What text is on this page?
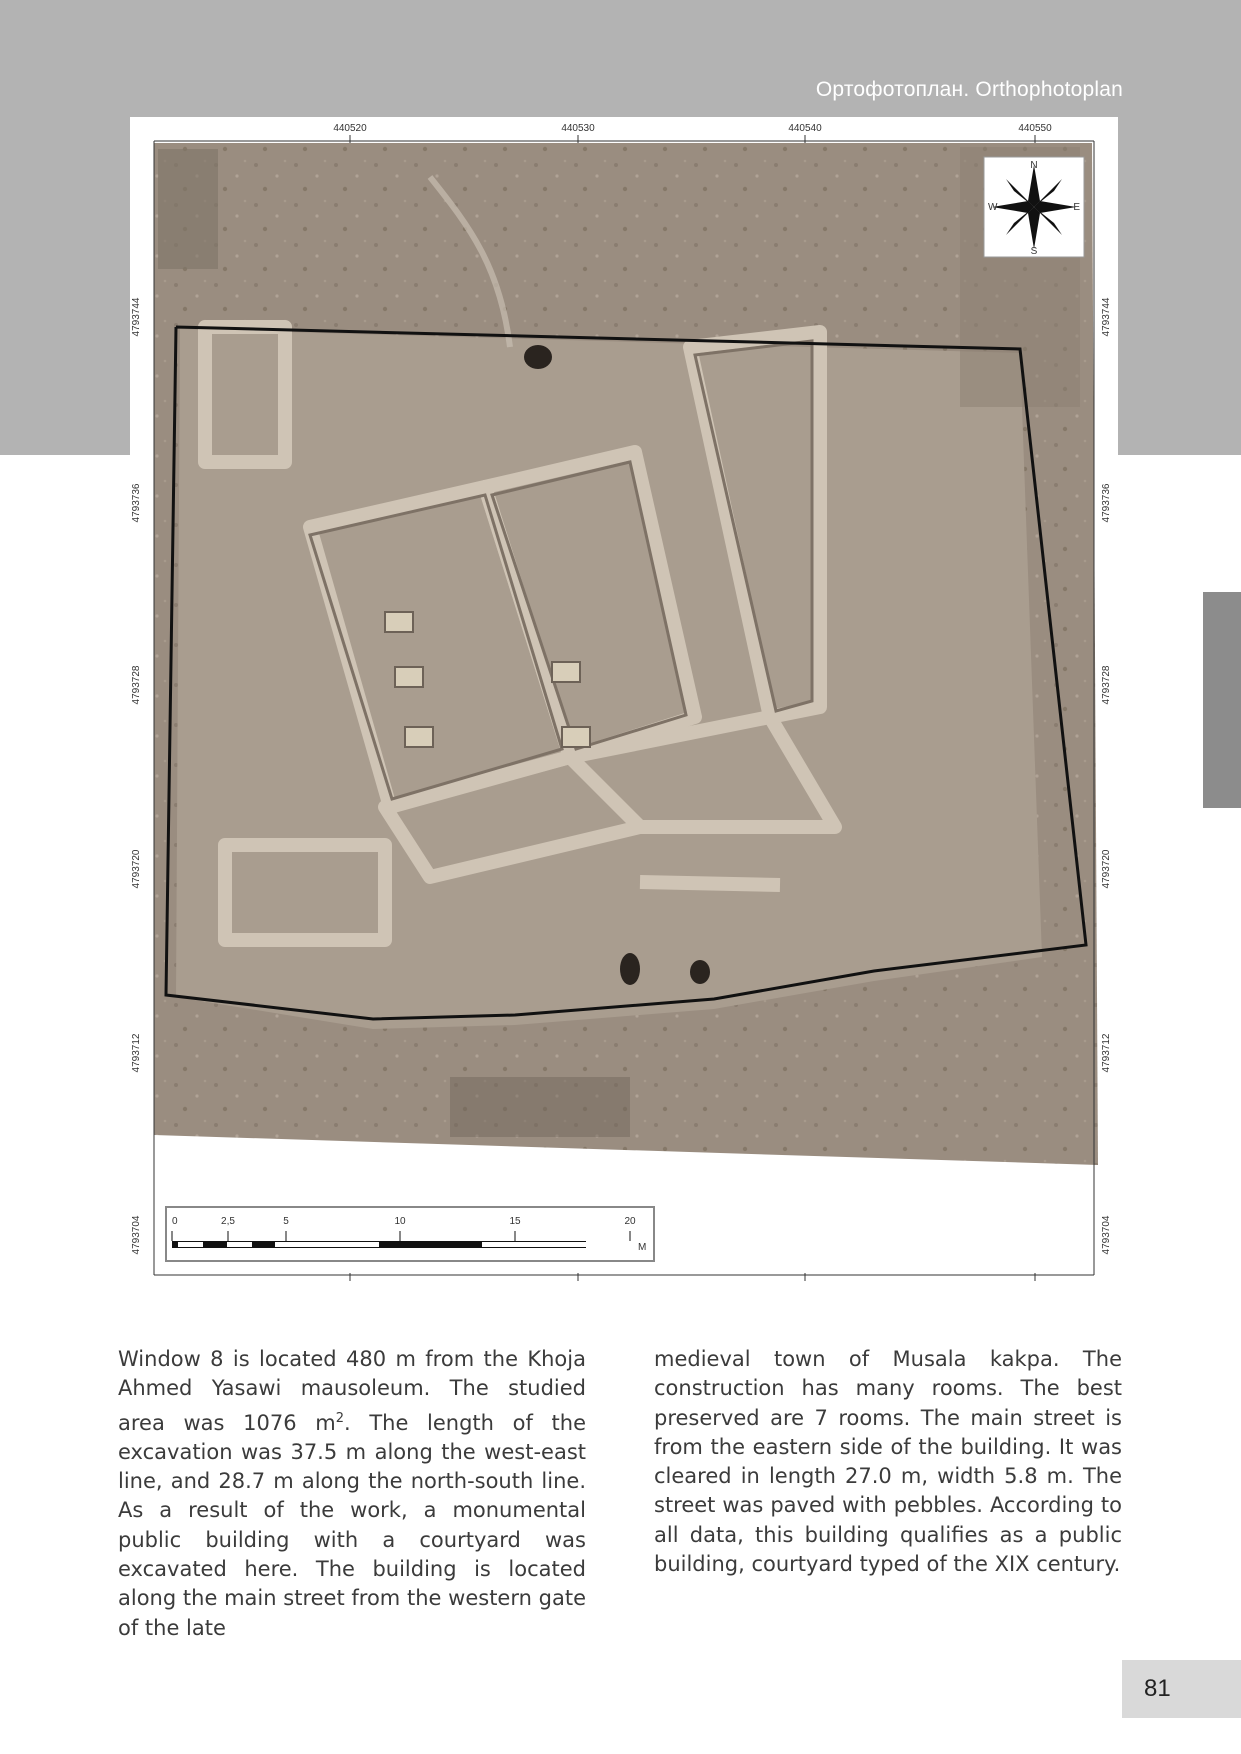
Ортофотоплан. Orthophotoplan
N
S
W	E
440520	440530	440540	440550
4793744
4793736
4793728
4793720
4793712
4793704
4793744
4793736
4793728
4793720
4793712
4793704
0	2,5	5	10	15	20
M

Window 8 is located 480 m from the Khoja Ahmed Yasawi mausoleum. The studied area was 1076 $m^2$. The length of the excavation was 37.5 m along the west-east line, and 28.7 m along the north-south line. As a result of the work, a monumental public building with a courtyard was excavated here. The building is located along the main street from the western gate of the late

medieval town of Musala kakpa. The construction has many rooms. The best preserved are 7 rooms. The main street is from the eastern side of the building. It was cleared in length 27.0 m, width 5.8 m. The street was paved with pebbles. According to all data, this building qualifies as a public building, courtyard typed of the XIX century.

81
